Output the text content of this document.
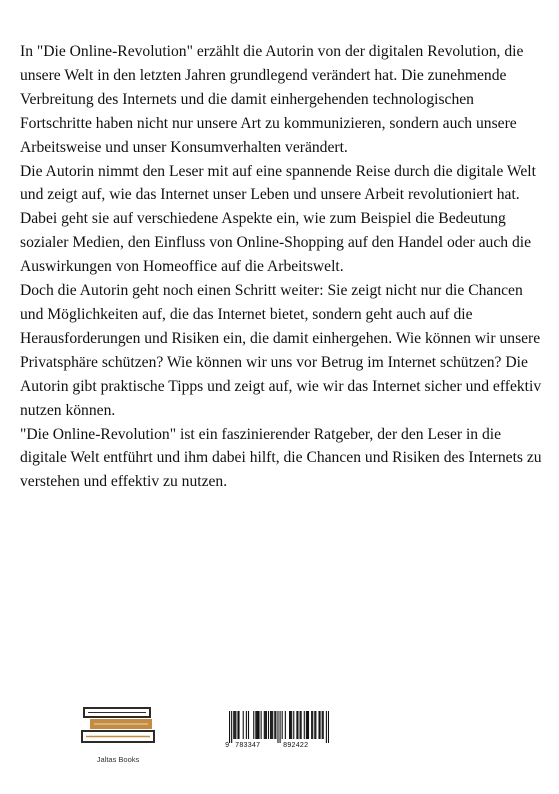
In "Die Online-Revolution" erzählt die Autorin von der digitalen Revolution, die unsere Welt in den letzten Jahren grundlegend verändert hat. Die zunehmende Verbreitung des Internets und die damit einhergehenden technologischen Fortschritte haben nicht nur unsere Art zu kommunizieren, sondern auch unsere Arbeitsweise und unser Konsumverhalten verändert.

Die Autorin nimmt den Leser mit auf eine spannende Reise durch die digitale Welt und zeigt auf, wie das Internet unser Leben und unsere Arbeit revolutioniert hat. Dabei geht sie auf verschiedene Aspekte ein, wie zum Beispiel die Bedeutung sozialer Medien, den Einfluss von Online-Shopping auf den Handel oder auch die Auswirkungen von Homeoffice auf die Arbeitswelt.

Doch die Autorin geht noch einen Schritt weiter: Sie zeigt nicht nur die Chancen und Möglichkeiten auf, die das Internet bietet, sondern geht auch auf die Herausforderungen und Risiken ein, die damit einhergehen. Wie können wir unsere Privatsphäre schützen? Wie können wir uns vor Betrug im Internet schützen? Die Autorin gibt praktische Tipps und zeigt auf, wie wir das Internet sicher und effektiv nutzen können.

"Die Online-Revolution" ist ein faszinierender Ratgeber, der den Leser in die digitale Welt entführt und ihm dabei hilft, die Chancen und Risiken des Internets zu verstehen und effektiv zu nutzen.

Jaltas Books
9 783347	892422
